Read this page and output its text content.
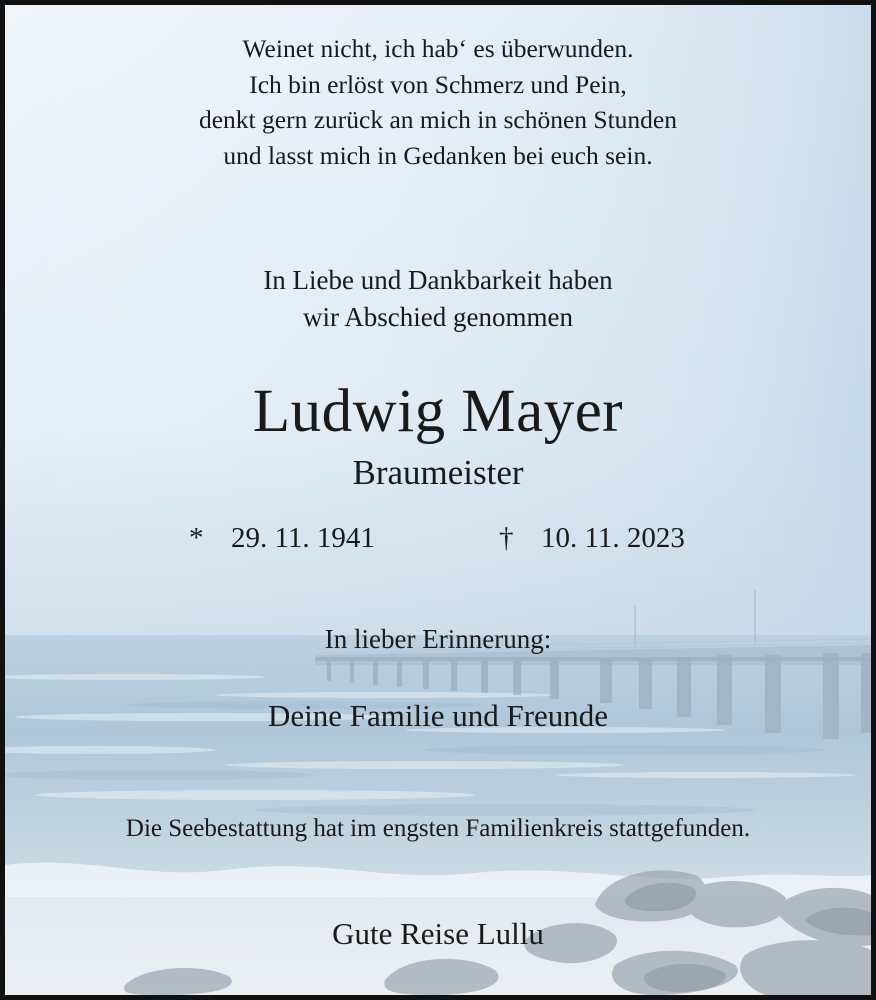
Weinet nicht, ich hab‘ es überwunden.
Ich bin erlöst von Schmerz und Pein,
denkt gern zurück an mich in schönen Stunden
und lasst mich in Gedanken bei euch sein.
In Liebe und Dankbarkeit haben
wir Abschied genommen
Ludwig Mayer
Braumeister
* 29. 11. 1941	† 10. 11. 2023
In lieber Erinnerung:
Deine Familie und Freunde
Die Seebestattung hat im engsten Familienkreis stattgefunden.
Gute Reise Lullu
